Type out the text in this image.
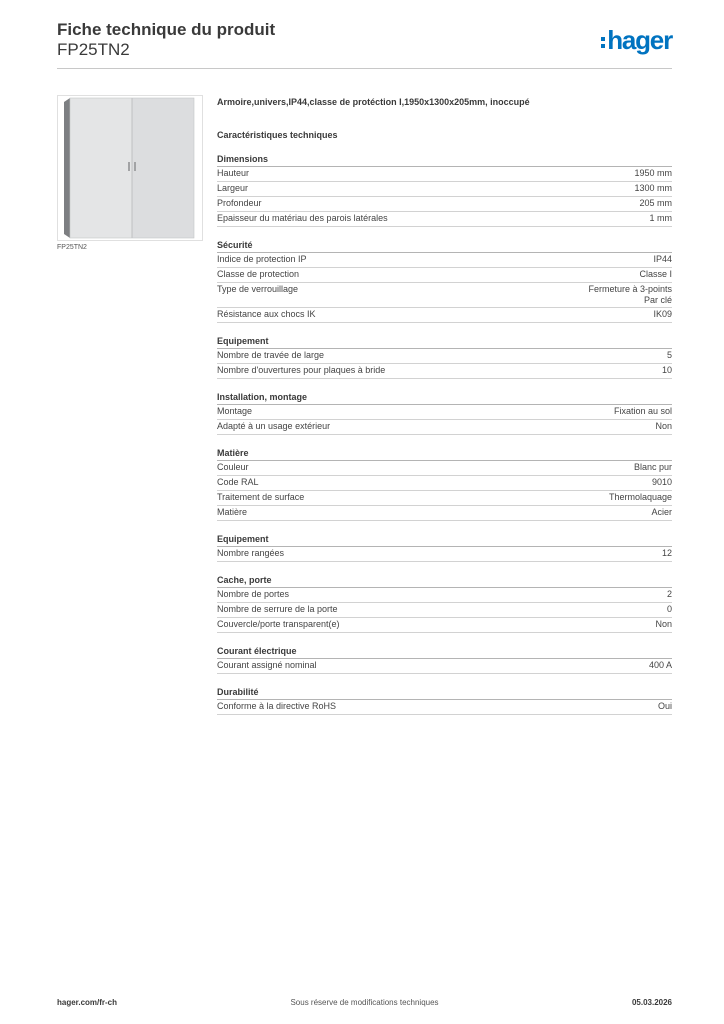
Fiche technique du produit
FP25TN2	hager
FP25TN2
Armoire,univers,IP44,classe de protéction I,1950x1300x205mm, inoccupé
Caractéristiques techniques
Dimensions
Hauteur	1950 mm
Largeur	1300 mm
Profondeur	205 mm
Epaisseur du matériau des parois latérales	1 mm
Sécurité
Indice de protection IP	IP44
Classe de protection	Classe I
Type de verrouillage	Fermeture à 3-points
Par clé
Résistance aux chocs IK	IK09
Equipement
Nombre de travée de large	5
Nombre d'ouvertures pour plaques à bride	10
Installation, montage
Montage	Fixation au sol
Adapté à un usage extérieur	Non
Matière
Couleur	Blanc pur
Code RAL	9010
Traitement de surface	Thermolaquage
Matière	Acier
Equipement
Nombre rangées	12
Cache, porte
Nombre de portes	2
Nombre de serrure de la porte	0
Couvercle/porte transparent(e)	Non
Courant électrique
Courant assigné nominal	400 A
Durabilité
Conforme à la directive RoHS	Oui
hager.com/fr-ch	Sous réserve de modifications techniques	05.03.2026
